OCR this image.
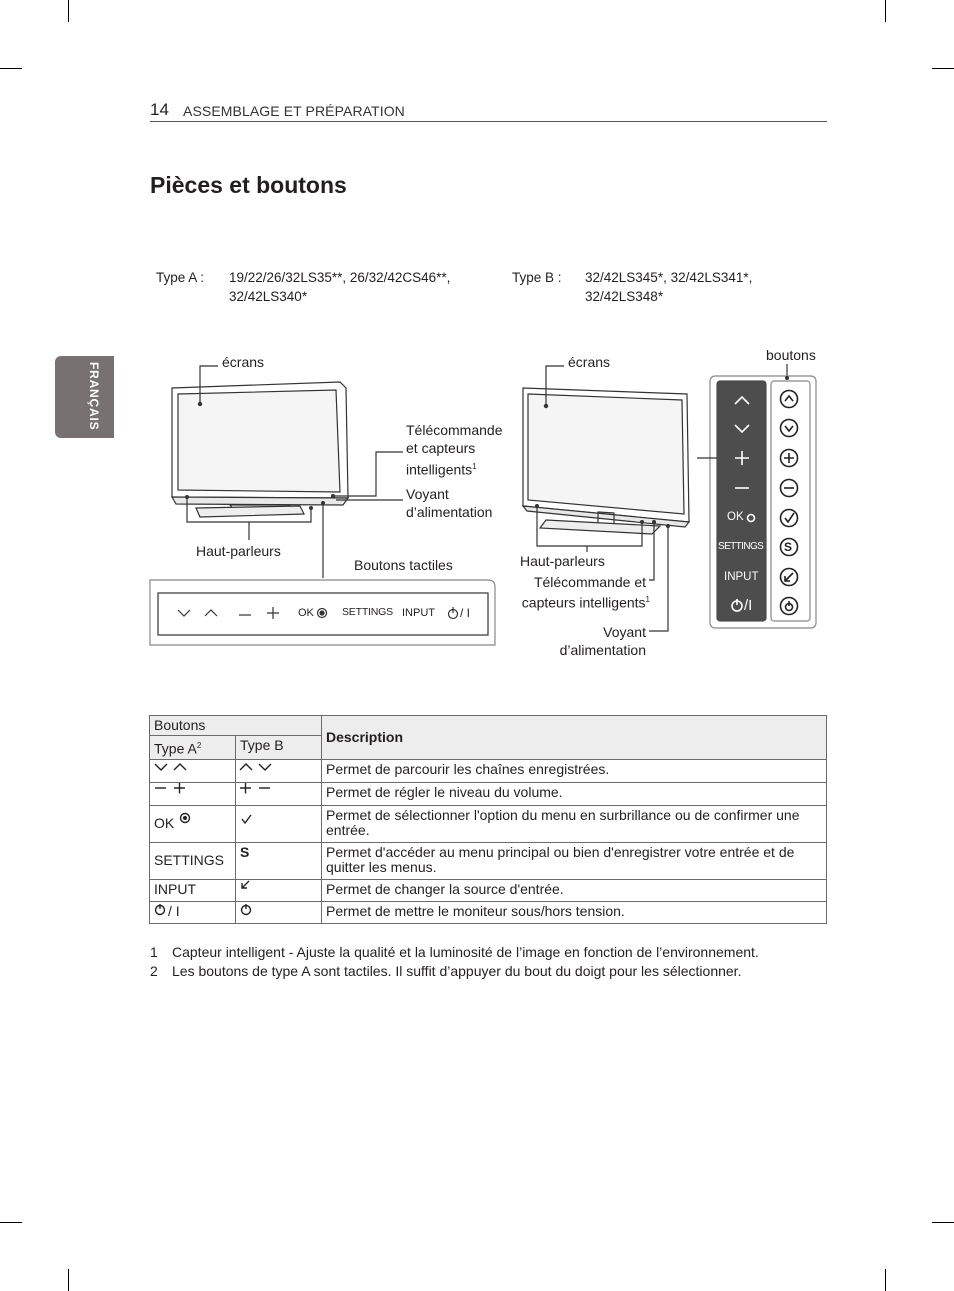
14 ASSEMBLAGE ET PRÉPARATION
FRANÇAIS
Pièces et boutons
Type A : 19/22/26/32LS35**, 26/32/42CS46**,
32/42LS340*
Type B : 32/42LS345*, 32/42LS341*,
32/42LS348*
écrans
Télécommande
et capteurs
intelligents$^1$
Voyant
d’alimentation
Haut-parleurs
Boutons tactiles
OK	SETTINGS INPUT / I
écrans	boutons
Haut-parleurs
Télécommande et
capteurs intelligents$^1$
Voyant
d’alimentation
OK
SETTINGS
INPUT
/I
S
Boutons		Description
Type $A^2$	Type B	
		Permet de parcourir les chaînes enregistrées.
		Permet de régler le niveau du volume.
OK		Permet de sélectionner l'option du menu en surbrillance ou de confirmer une entrée.
SETTINGS	S	Permet d'accéder au menu principal ou bien d'enregistrer votre entrée et de quitter les menus.
INPUT		Permet de changer la source d'entrée.
/ I		Permet de mettre le moniteur sous/hors tension.
1 Capteur intelligent - Ajuste la qualité et la luminosité de l’image en fonction de l’environnement.
2 Les boutons de type A sont tactiles. Il suffit d’appuyer du bout du doigt pour les sélectionner.
